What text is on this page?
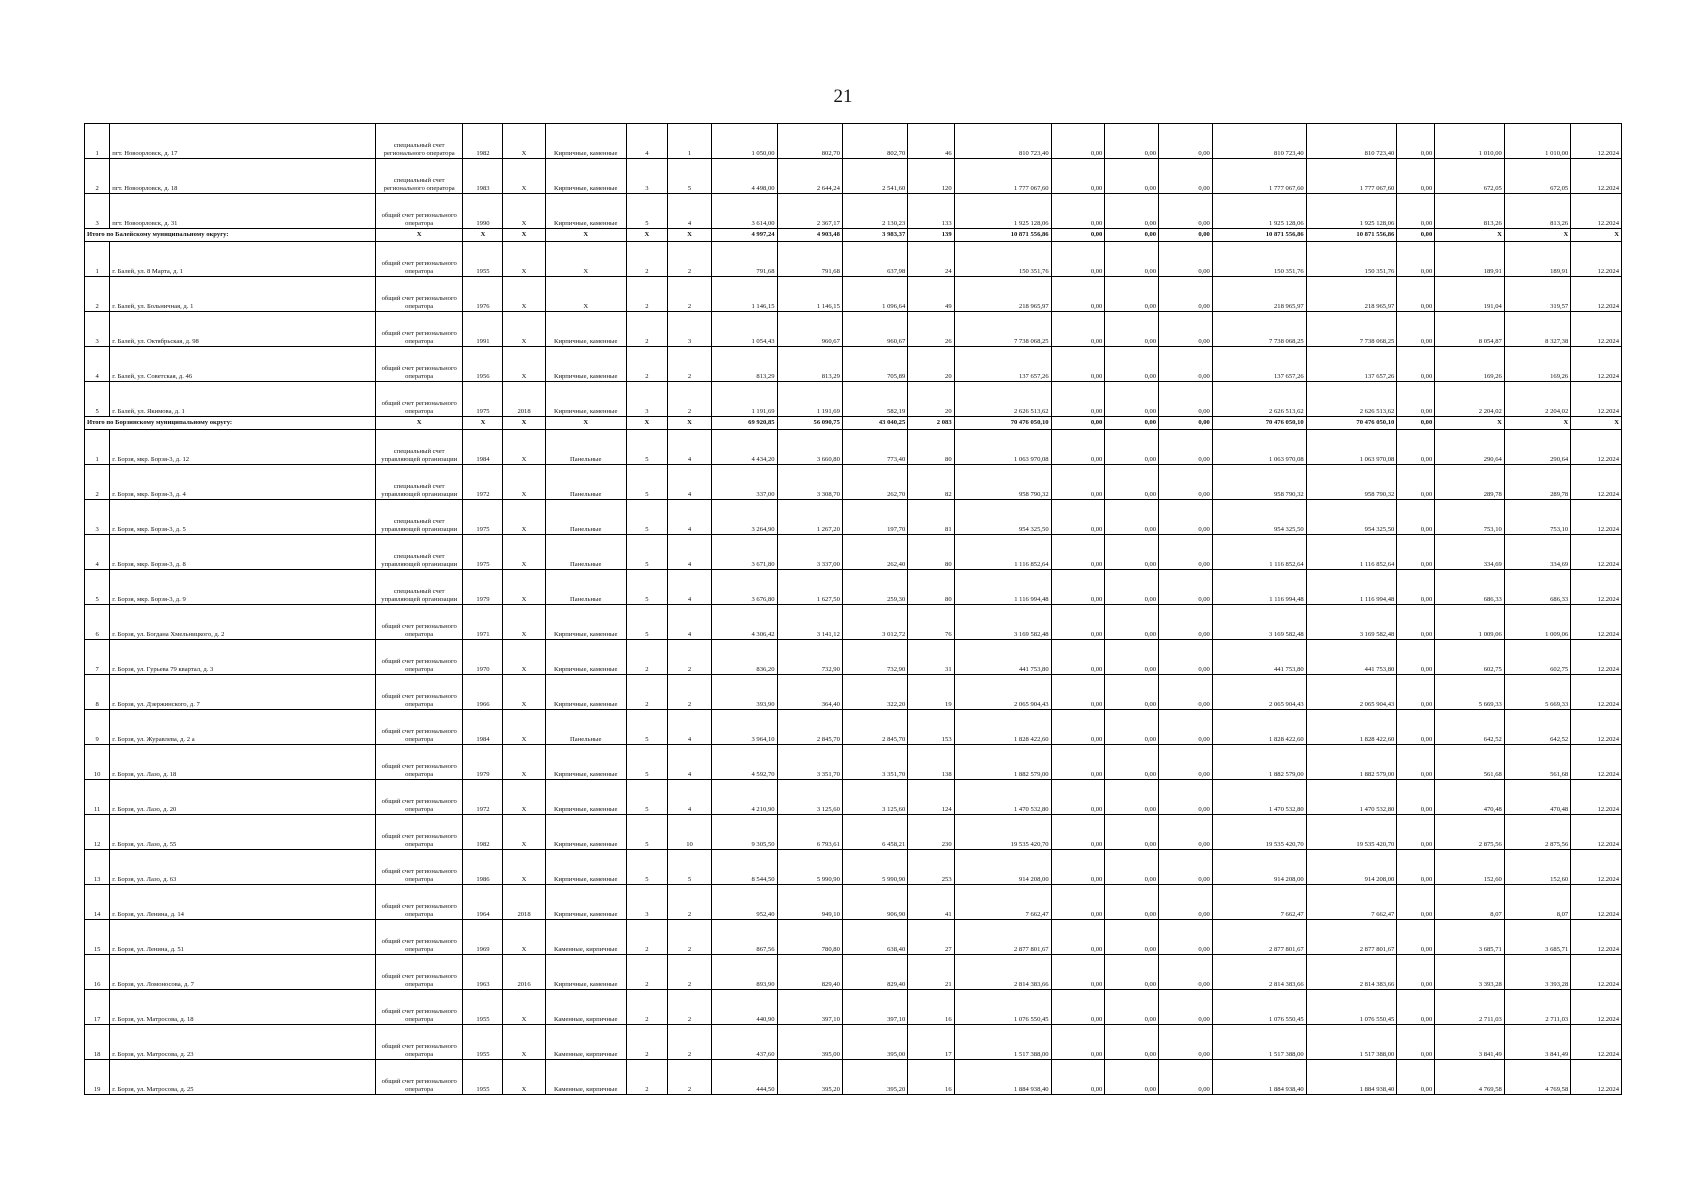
21
1	пгт. Новоорловск, д. 17	специальный счет регионального оператора	1982	Х	Кирпичные, каменные	4	1	1 050,00	802,70	802,70	46	810 723,40	0,00	0,00	0,00	810 723,40	810 723,40	0,00	1 010,00	1 010,00	12.2024
2	пгт. Новоорловск, д. 18	специальный счет регионального оператора	1983	Х	Кирпичные, каменные	3	5	4 498,00	2 644,24	2 541,60	120	1 777 067,60	0,00	0,00	0,00	1 777 067,60	1 777 067,60	0,00	672,05	672,05	12.2024
3	пгт. Новоорловск, д. 31	общий счет регионального оператора	1990	Х	Кирпичные, каменные	5	4	3 614,00	2 367,17	2 130,23	133	1 925 128,06	0,00	0,00	0,00	1 925 128,06	1 925 128,06	0,00	813,26	813,26	12.2024
Итого по Балейскому муниципальному округу:		Х	Х	Х	Х	Х	Х	4 997,24	4 903,48	3 983,37	139	10 871 556,86	0,00	0,00	0,00	10 871 556,86	10 871 556,86	0,00	Х	Х	Х
1	г. Балей, ул. 8 Марта, д. 1	общий счет регионального оператора	1955	Х	Х	2	2	791,68	791,68	637,98	24	150 351,76	0,00	0,00	0,00	150 351,76	150 351,76	0,00	189,91	189,91	12.2024
2	г. Балей, ул. Больничная, д. 1	общий счет регионального оператора	1976	Х	Х	2	2	1 146,15	1 146,15	1 096,64	49	218 965,97	0,00	0,00	0,00	218 965,97	218 965,97	0,00	191,04	319,57	12.2024
3	г. Балей, ул. Октябрьская, д. 98	общий счет регионального оператора	1991	Х	Кирпичные, каменные	2	3	1 054,43	960,67	960,67	26	7 738 068,25	0,00	0,00	0,00	7 738 068,25	7 738 068,25	0,00	8 054,87	8 327,38	12.2024
4	г. Балей, ул. Советская, д. 46	общий счет регионального оператора	1956	Х	Кирпичные, каменные	2	2	813,29	813,29	705,89	20	137 657,26	0,00	0,00	0,00	137 657,26	137 657,26	0,00	169,26	169,26	12.2024
5	г. Балей, ул. Якимова, д. 1	общий счет регионального оператора	1975	2018	Кирпичные, каменные	3	2	1 191,69	1 191,69	582,19	20	2 626 513,62	0,00	0,00	0,00	2 626 513,62	2 626 513,62	0,00	2 204,02	2 204,02	12.2024
Итого по Борзинскому муниципальному округу:		Х	Х	Х	Х	Х	Х	69 920,85	56 090,75	43 040,25	2 083	70 476 050,10	0,00	0,00	0,00	70 476 050,10	70 476 050,10	0,00	Х	Х	Х
1	г. Борзя, мкр. Борзя-3, д. 12	специальный счет управляющей организации	1984	Х	Панельные	5	4	4 434,20	3 660,80	773,40	80	1 063 970,08	0,00	0,00	0,00	1 063 970,08	1 063 970,08	0,00	290,64	290,64	12.2024
2	г. Борзя, мкр. Борзя-3, д. 4	специальный счет управляющей организации	1972	Х	Панельные	5	4	337,00	3 308,70	262,70	82	958 790,32	0,00	0,00	0,00	958 790,32	958 790,32	0,00	289,78	289,78	12.2024
3	г. Борзя, мкр. Борзя-3, д. 5	специальный счет управляющей организации	1975	Х	Панельные	5	4	3 264,90	1 267,20	197,70	81	954 325,50	0,00	0,00	0,00	954 325,50	954 325,50	0,00	753,10	753,10	12.2024
4	г. Борзя, мкр. Борзя-3, д. 8	специальный счет управляющей организации	1975	Х	Панельные	5	4	3 671,80	3 337,00	262,40	80	1 116 852,64	0,00	0,00	0,00	1 116 852,64	1 116 852,64	0,00	334,69	334,69	12.2024
5	г. Борзя, мкр. Борзя-3, д. 9	специальный счет управляющей организации	1979	Х	Панельные	5	4	3 676,80	1 627,50	259,30	80	1 116 994,48	0,00	0,00	0,00	1 116 994,48	1 116 994,48	0,00	686,33	686,33	12.2024
6	г. Борзя, ул. Богдана Хмельницкого, д. 2	общий счет регионального оператора	1971	Х	Кирпичные, каменные	5	4	4 306,42	3 141,12	3 012,72	76	3 169 582,48	0,00	0,00	0,00	3 169 582,48	3 169 582,48	0,00	1 009,06	1 009,06	12.2024
7	г. Борзя, ул. Гурьева 79 квартал, д. 3	общий счет регионального оператора	1970	Х	Кирпичные, каменные	2	2	836,20	732,90	732,90	31	441 753,80	0,00	0,00	0,00	441 753,80	441 753,80	0,00	602,75	602,75	12.2024
8	г. Борзя, ул. Дзержинского, д. 7	общий счет регионального оператора	1966	Х	Кирпичные, каменные	2	2	393,90	364,40	322,20	19	2 065 904,43	0,00	0,00	0,00	2 065 904,43	2 065 904,43	0,00	5 669,33	5 669,33	12.2024
9	г. Борзя, ул. Журавлева, д. 2 а	общий счет регионального оператора	1984	Х	Панельные	5	4	3 964,10	2 845,70	2 845,70	153	1 828 422,60	0,00	0,00	0,00	1 828 422,60	1 828 422,60	0,00	642,52	642,52	12.2024
10	г. Борзя, ул. Лазо, д. 18	общий счет регионального оператора	1979	Х	Кирпичные, каменные	5	4	4 592,70	3 351,70	3 351,70	138	1 882 579,00	0,00	0,00	0,00	1 882 579,00	1 882 579,00	0,00	561,68	561,68	12.2024
11	г. Борзя, ул. Лазо, д. 20	общий счет регионального оператора	1972	Х	Кирпичные, каменные	5	4	4 210,90	3 125,60	3 125,60	124	1 470 532,80	0,00	0,00	0,00	1 470 532,80	1 470 532,80	0,00	470,48	470,48	12.2024
12	г. Борзя, ул. Лазо, д. 55	общий счет регионального оператора	1982	Х	Кирпичные, каменные	5	10	9 305,50	6 793,61	6 458,21	230	19 535 420,70	0,00	0,00	0,00	19 535 420,70	19 535 420,70	0,00	2 875,56	2 875,56	12.2024
13	г. Борзя, ул. Лазо, д. 63	общий счет регионального оператора	1986	Х	Кирпичные, каменные	5	5	8 544,50	5 990,90	5 990,90	253	914 208,00	0,00	0,00	0,00	914 208,00	914 208,00	0,00	152,60	152,60	12.2024
14	г. Борзя, ул. Ленина, д. 14	общий счет регионального оператора	1964	2018	Кирпичные, каменные	3	2	952,40	949,10	906,90	41	7 662,47	0,00	0,00	0,00	7 662,47	7 662,47	0,00	8,07	8,07	12.2024
15	г. Борзя, ул. Ленина, д. 51	общий счет регионального оператора	1969	Х	Каменные, кирпичные	2	2	867,56	780,80	638,40	27	2 877 801,67	0,00	0,00	0,00	2 877 801,67	2 877 801,67	0,00	3 685,71	3 685,71	12.2024
16	г. Борзя, ул. Ломоносова, д. 7	общий счет регионального оператора	1963	2016	Кирпичные, каменные	2	2	893,90	829,40	829,40	21	2 814 383,66	0,00	0,00	0,00	2 814 383,66	2 814 383,66	0,00	3 393,28	3 393,28	12.2024
17	г. Борзя, ул. Матросова, д. 18	общий счет регионального оператора	1955	Х	Каменные, кирпичные	2	2	440,90	397,10	397,10	16	1 076 550,45	0,00	0,00	0,00	1 076 550,45	1 076 550,45	0,00	2 711,03	2 711,03	12.2024
18	г. Борзя, ул. Матросова, д. 23	общий счет регионального оператора	1955	Х	Каменные, кирпичные	2	2	437,60	395,00	395,00	17	1 517 388,00	0,00	0,00	0,00	1 517 388,00	1 517 388,00	0,00	3 841,49	3 841,49	12.2024
19	г. Борзя, ул. Матросова, д. 25	общий счет регионального оператора	1955	Х	Каменные, кирпичные	2	2	444,50	395,20	395,20	16	1 884 938,40	0,00	0,00	0,00	1 884 938,40	1 884 938,40	0,00	4 769,58	4 769,58	12.2024
